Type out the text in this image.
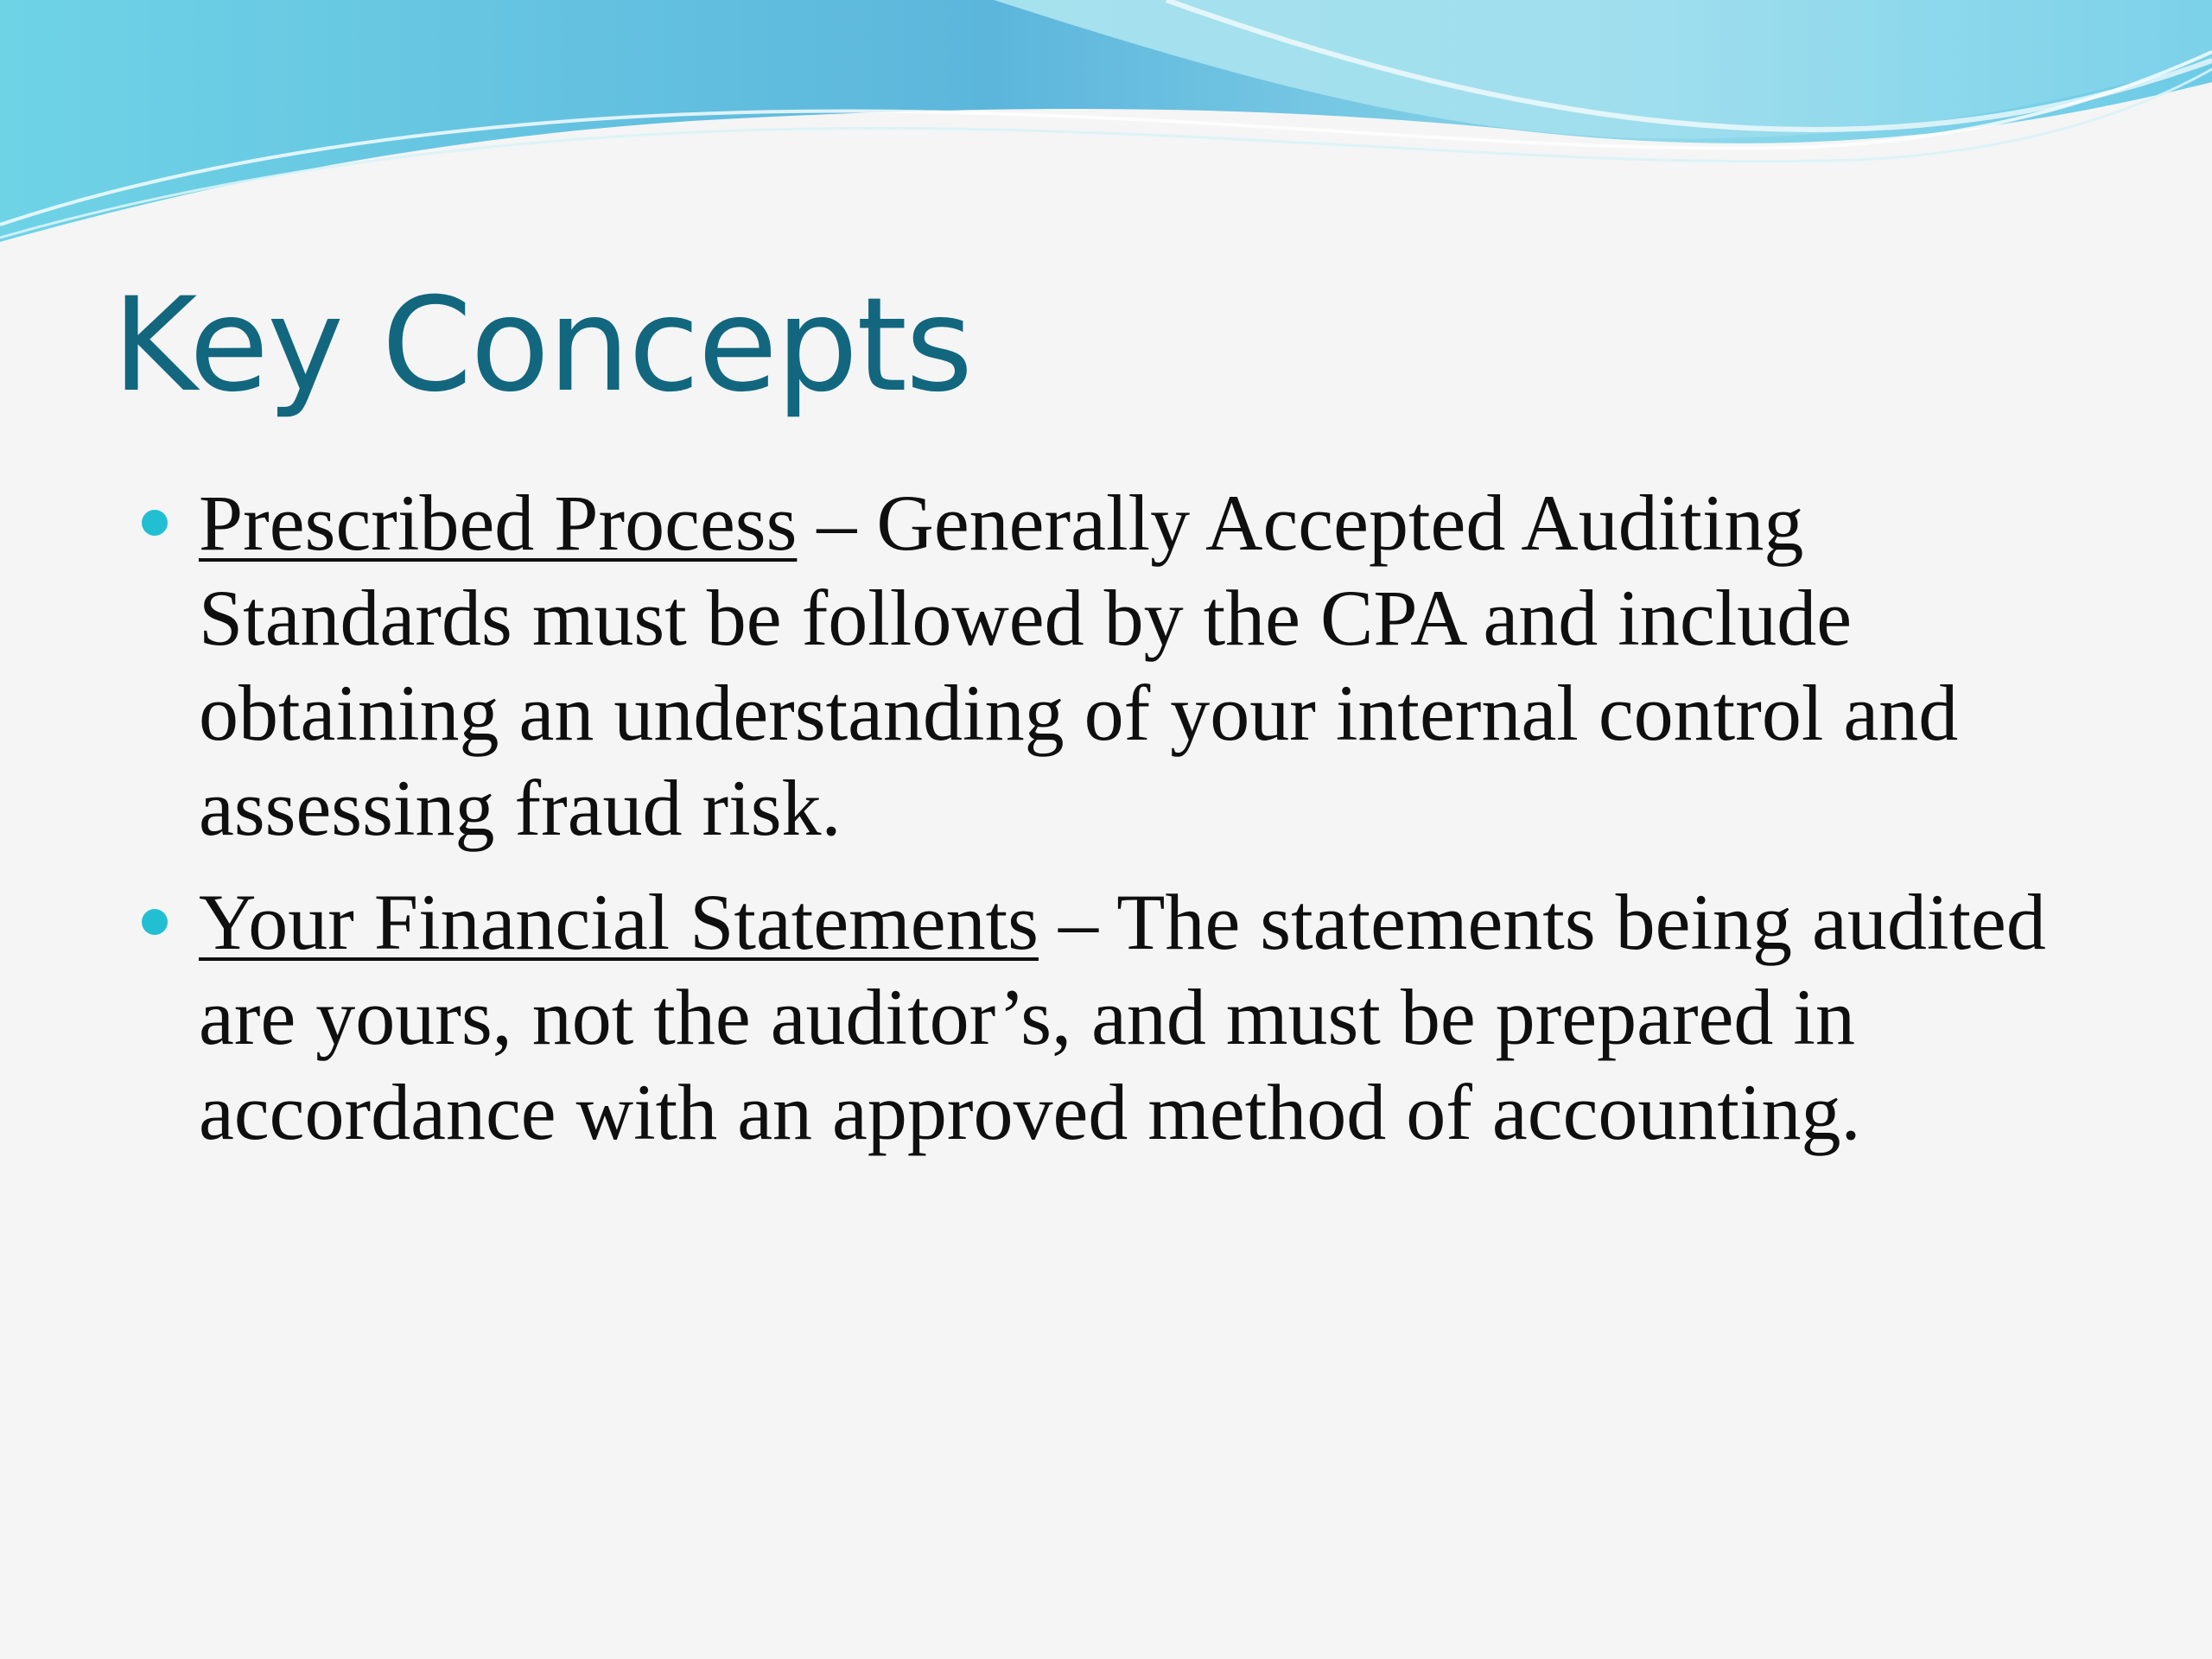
Key Concepts
Prescribed Process – Generally Accepted Auditing Standards must be followed by the CPA and include obtaining an understanding of your internal control and assessing fraud risk.
Your Financial Statements – The statements being audited are yours, not the auditor’s, and must be prepared in accordance with an approved method of accounting.
